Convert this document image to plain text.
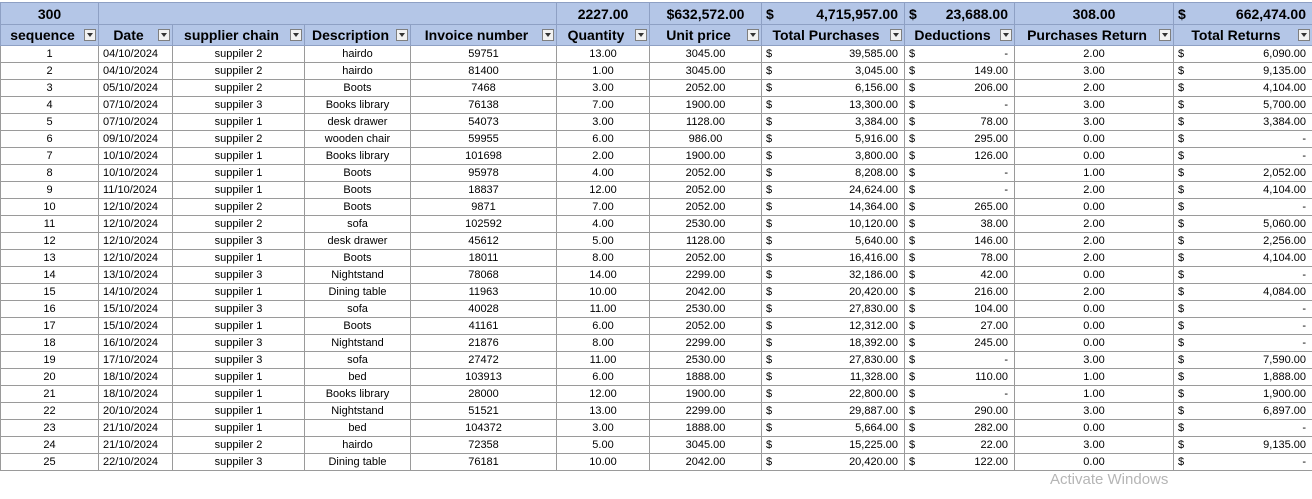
300					2227.00	$632,572.00	$ 4,715,957.00	$ 23,688.00	308.00	$ 662,474.00

sequence	Date	supplier chain	Description	Invoice number	Quantity	Unit price	Total Purchases	Deductions	Purchases Return	Total Returns

1	04/10/2024	suppiler 2	hairdo	59751	13.00	3045.00	$ 39,585.00	$ -	2.00	$ 6,090.00

2	04/10/2024	suppiler 2	hairdo	81400	1.00	3045.00	$ 3,045.00	$ 149.00	3.00	$ 9,135.00

3	05/10/2024	suppiler 2	Boots	7468	3.00	2052.00	$ 6,156.00	$ 206.00	2.00	$ 4,104.00

4	07/10/2024	suppiler 3	Books library	76138	7.00	1900.00	$ 13,300.00	$ -	3.00	$ 5,700.00

5	07/10/2024	suppiler 1	desk drawer	54073	3.00	1128.00	$ 3,384.00	$ 78.00	3.00	$ 3,384.00

6	09/10/2024	suppiler 2	wooden chair	59955	6.00	986.00	$ 5,916.00	$ 295.00	0.00	$ -

7	10/10/2024	suppiler 1	Books library	101698	2.00	1900.00	$ 3,800.00	$ 126.00	0.00	$ -

8	10/10/2024	suppiler 1	Boots	95978	4.00	2052.00	$ 8,208.00	$ -	1.00	$ 2,052.00

9	11/10/2024	suppiler 1	Boots	18837	12.00	2052.00	$ 24,624.00	$ -	2.00	$ 4,104.00

10	12/10/2024	suppiler 2	Boots	9871	7.00	2052.00	$ 14,364.00	$ 265.00	0.00	$ -

11	12/10/2024	suppiler 2	sofa	102592	4.00	2530.00	$ 10,120.00	$ 38.00	2.00	$ 5,060.00

12	12/10/2024	suppiler 3	desk drawer	45612	5.00	1128.00	$ 5,640.00	$ 146.00	2.00	$ 2,256.00

13	12/10/2024	suppiler 1	Boots	18011	8.00	2052.00	$ 16,416.00	$ 78.00	2.00	$ 4,104.00

14	13/10/2024	suppiler 3	Nightstand	78068	14.00	2299.00	$ 32,186.00	$ 42.00	0.00	$ -

15	14/10/2024	suppiler 1	Dining table	11963	10.00	2042.00	$ 20,420.00	$ 216.00	2.00	$ 4,084.00

16	15/10/2024	suppiler 3	sofa	40028	11.00	2530.00	$ 27,830.00	$ 104.00	0.00	$ -

17	15/10/2024	suppiler 1	Boots	41161	6.00	2052.00	$ 12,312.00	$ 27.00	0.00	$ -

18	16/10/2024	suppiler 3	Nightstand	21876	8.00	2299.00	$ 18,392.00	$ 245.00	0.00	$ -

19	17/10/2024	suppiler 3	sofa	27472	11.00	2530.00	$ 27,830.00	$ -	3.00	$ 7,590.00

20	18/10/2024	suppiler 1	bed	103913	6.00	1888.00	$ 11,328.00	$ 110.00	1.00	$ 1,888.00

21	18/10/2024	suppiler 1	Books library	28000	12.00	1900.00	$ 22,800.00	$ -	1.00	$ 1,900.00

22	20/10/2024	suppiler 1	Nightstand	51521	13.00	2299.00	$ 29,887.00	$ 290.00	3.00	$ 6,897.00

23	21/10/2024	suppiler 1	bed	104372	3.00	1888.00	$ 5,664.00	$ 282.00	0.00	$ -

24	21/10/2024	suppiler 2	hairdo	72358	5.00	3045.00	$ 15,225.00	$ 22.00	3.00	$ 9,135.00

25	22/10/2024	suppiler 3	Dining table	76181	10.00	2042.00	$ 20,420.00	$ 122.00	0.00	$ -
Activate Windows
